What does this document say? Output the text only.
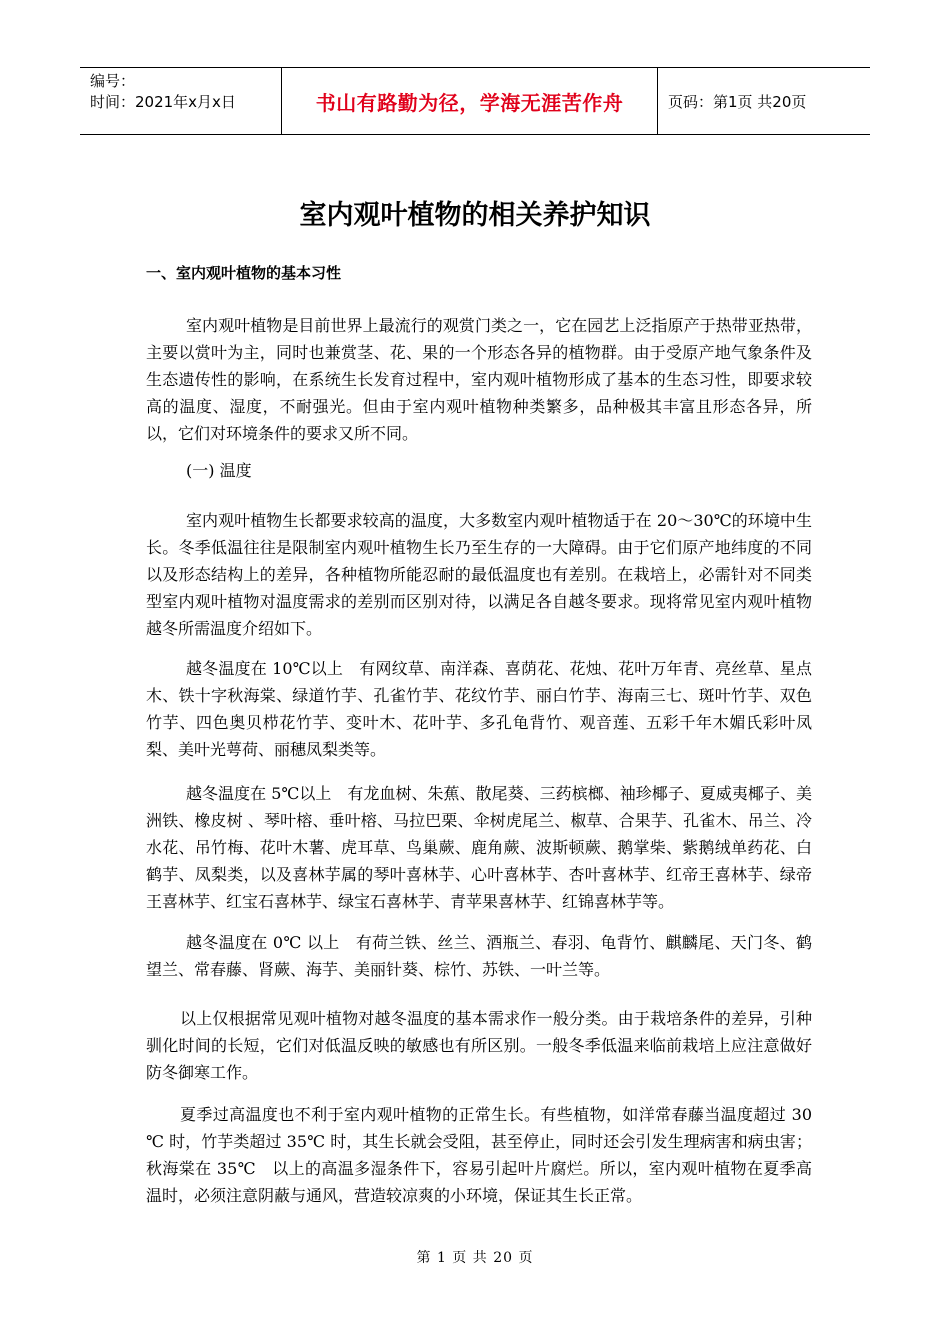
编号：
时间：2021年x月x日	书山有路勤为径，学海无涯苦作舟	页码：第1页 共20页
室内观叶植物的相关养护知识
一、室内观叶植物的基本习性

室内观叶植物是目前世界上最流行的观赏门类之一，它在园艺上泛指原产于热带亚热带，主要以赏叶为主，同时也兼赏茎、花、果的一个形态各异的植物群。由于受原产地气象条件及生态遗传性的影响，在系统生长发育过程中，室内观叶植物形成了基本的生态习性，即要求较高的温度、湿度，不耐强光。但由于室内观叶植物种类繁多，品种极其丰富且形态各异，所以，它们对环境条件的要求又所不同。

(一) 温度

室内观叶植物生长都要求较高的温度，大多数室内观叶植物适于在 20～30℃的环境中生长。冬季低温往往是限制室内观叶植物生长乃至生存的一大障碍。由于它们原产地纬度的不同以及形态结构上的差异，各种植物所能忍耐的最低温度也有差别。在栽培上，必需针对不同类型室内观叶植物对温度需求的差别而区别对待，以满足各自越冬要求。现将常见室内观叶植物越冬所需温度介绍如下。

越冬温度在 10℃以上　有网纹草、南洋森、喜荫花、花烛、花叶万年青、亮丝草、星点木、铁十字秋海棠、绿道竹芋、孔雀竹芋、花纹竹芋、丽白竹芋、海南三七、斑叶竹芋、双色竹芋、四色奥贝栉花竹芋、变叶木、花叶芋、多孔龟背竹、观音莲、五彩千年木媚氏彩叶凤梨、美叶光萼荷、丽穗凤梨类等。

越冬温度在 5℃以上　有龙血树、朱蕉、散尾葵、三药槟榔、袖珍椰子、夏威夷椰子、美洲铁、橡皮树 、琴叶榕、垂叶榕、马拉巴栗、伞树虎尾兰、椒草、合果芋、孔雀木、吊兰、冷水花、吊竹梅、花叶木薯、虎耳草、鸟巢蕨、鹿角蕨、波斯顿蕨、鹅掌柴、紫鹅绒单药花、白鹤芋、凤梨类，以及喜林芋属的琴叶喜林芋、心叶喜林芋、杏叶喜林芋、红帝王喜林芋、绿帝王喜林芋、红宝石喜林芋、绿宝石喜林芋、青苹果喜林芋、红锦喜林芋等。

越冬温度在 0℃ 以上　有荷兰铁、丝兰、酒瓶兰、春羽、龟背竹、麒麟尾、天门冬、鹤望兰、常春藤、肾蕨、海芋、美丽针葵、棕竹、苏铁、一叶兰等。

以上仅根据常见观叶植物对越冬温度的基本需求作一般分类。由于栽培条件的差异，引种驯化时间的长短，它们对低温反映的敏感也有所区别。一般冬季低温来临前栽培上应注意做好防冬御寒工作。

夏季过高温度也不利于室内观叶植物的正常生长。有些植物，如洋常春藤当温度超过 30 ℃ 时，竹芋类超过 35℃ 时，其生长就会受阻，甚至停止，同时还会引发生理病害和病虫害；秋海棠在 35℃　以上的高温多湿条件下，容易引起叶片腐烂。所以，室内观叶植物在夏季高温时，必须注意阴蔽与通风，营造较凉爽的小环境，保证其生长正常。

第 1 页 共 20 页
